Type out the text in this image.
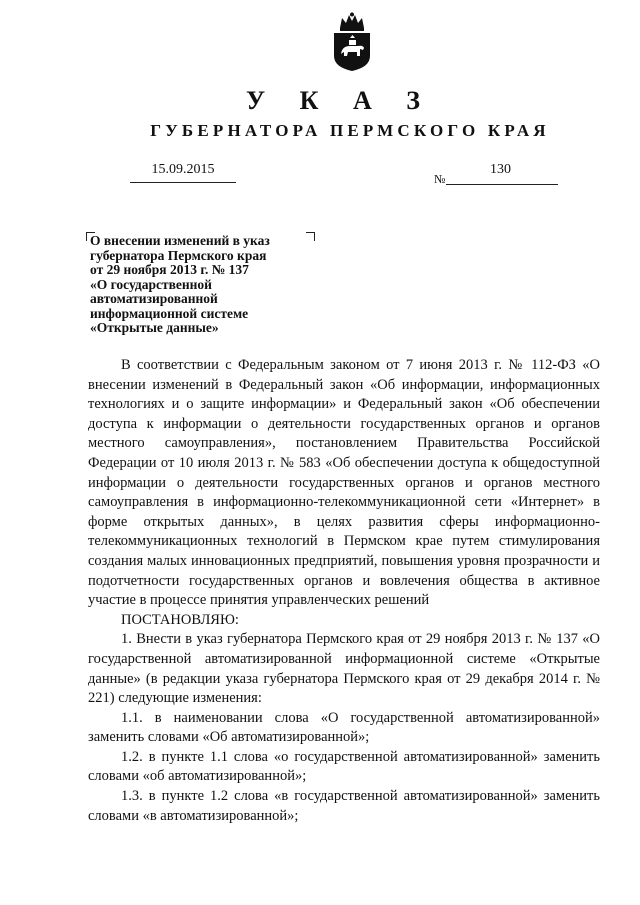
У К А З
ГУБЕРНАТОРА ПЕРМСКОГО КРАЯ
15.09.2015
№
130
О внесении изменений в указ
губернатора Пермского края
от 29 ноября 2013 г. № 137
«О государственной
автоматизированной
информационной системе
«Открытые данные»

В соответствии с Федеральным законом от 7 июня 2013 г. № 112-ФЗ «О внесении изменений в Федеральный закон «Об информации, информационных технологиях и о защите информации» и Федеральный закон «Об обеспечении доступа к информации о деятельности государственных органов и органов местного самоуправления», постановлением Правительства Российской Федерации от 10 июля 2013 г. № 583 «Об обеспечении доступа к общедоступной информации о деятельности государственных органов и органов местного самоуправления в информационно-телекоммуникационной сети «Интернет» в форме открытых данных», в целях развития сферы информационно-телекоммуникационных технологий в Пермском крае путем стимулирования создания малых инновационных предприятий, повышения уровня прозрачности и подотчетности государственных органов и вовлечения общества в активное участие в процессе принятия управленческих решений

ПОСТАНОВЛЯЮ:

1. Внести в указ губернатора Пермского края от 29 ноября 2013 г. № 137 «О государственной автоматизированной информационной системе «Открытые данные» (в редакции указа губернатора Пермского края от 29 декабря 2014 г. № 221) следующие изменения:

1.1. в наименовании слова «О государственной автоматизированной» заменить словами «Об автоматизированной»;

1.2. в пункте 1.1 слова «о государственной автоматизированной» заменить словами «об автоматизированной»;

1.3. в пункте 1.2 слова «в государственной автоматизированной» заменить словами «в автоматизированной»;
